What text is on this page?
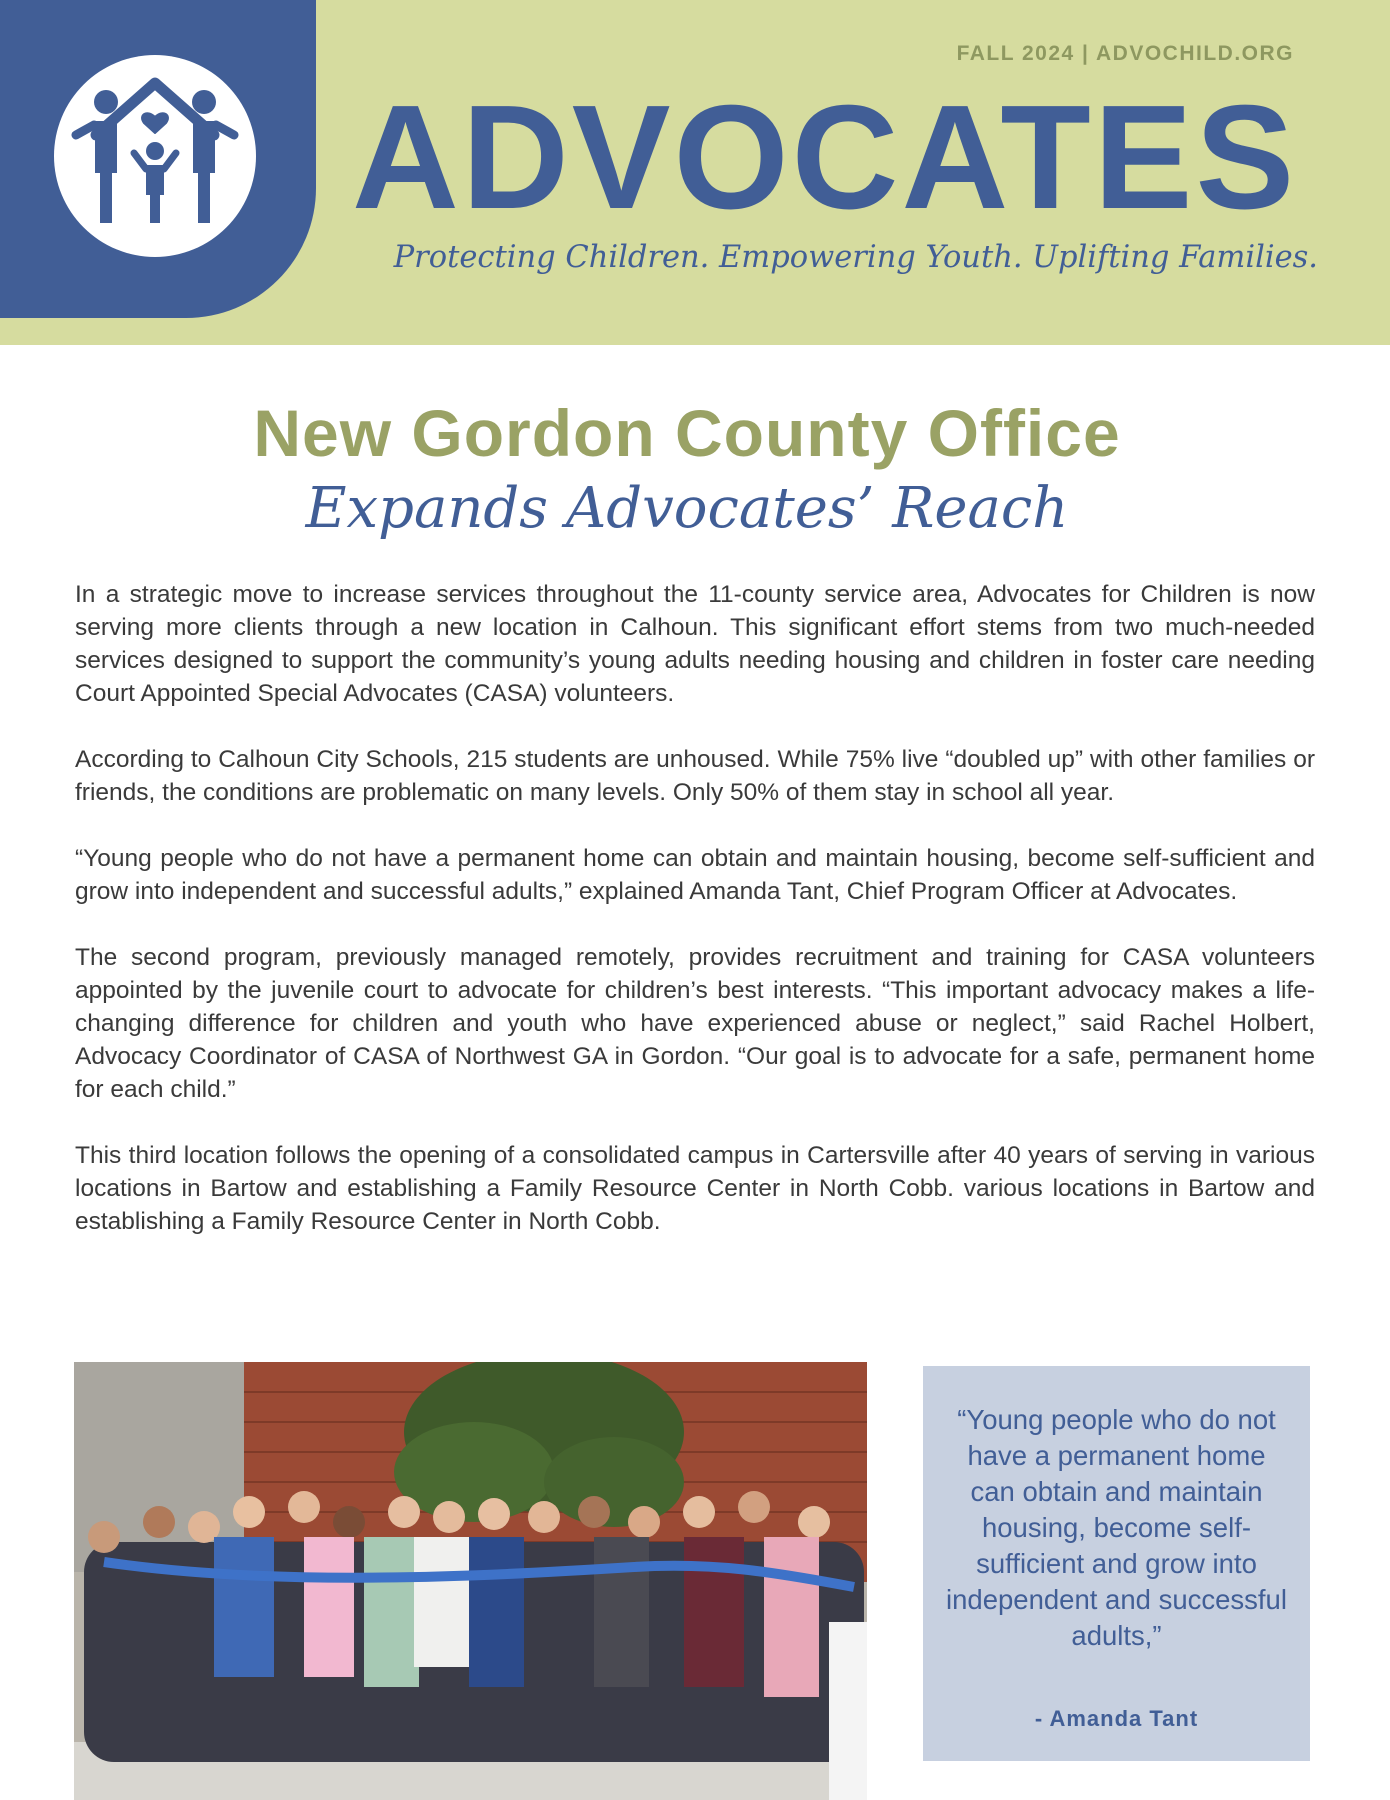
FALL 2024 | ADVOCHILD.ORG
ADVOCATES
Protecting Children. Empowering Youth. Uplifting Families.
New Gordon County Office
Expands Advocates’ Reach

In a strategic move to increase services throughout the 11-county service area, Advocates for Children is now serving more clients through a new location in Calhoun. This significant effort stems from two much-needed services designed to support the community’s young adults needing housing and children in foster care needing Court Appointed Special Advocates (CASA) volunteers.

According to Calhoun City Schools, 215 students are unhoused. While 75% live “doubled up” with other families or friends, the conditions are problematic on many levels. Only 50% of them stay in school all year.

“Young people who do not have a permanent home can obtain and maintain housing, become self-sufficient and grow into independent and successful adults,” explained Amanda Tant, Chief Program Officer at Advocates.

The second program, previously managed remotely, provides recruitment and training for CASA volunteers appointed by the juvenile court to advocate for children’s best interests. “This important advocacy makes a life-changing difference for children and youth who have experienced abuse or neglect,” said Rachel Holbert, Advocacy Coordinator of CASA of Northwest GA in Gordon. “Our goal is to advocate for a safe, permanent home for each child.”

This third location follows the opening of a consolidated campus in Cartersville after 40 years of serving in various locations in Bartow and establishing a Family Resource Center in North Cobb. various locations in Bartow and establishing a Family Resource Center in North Cobb.

“Young people who do not have a permanent home can obtain and maintain housing, become self-sufficient and grow into independent and successful adults,”
- Amanda Tant
